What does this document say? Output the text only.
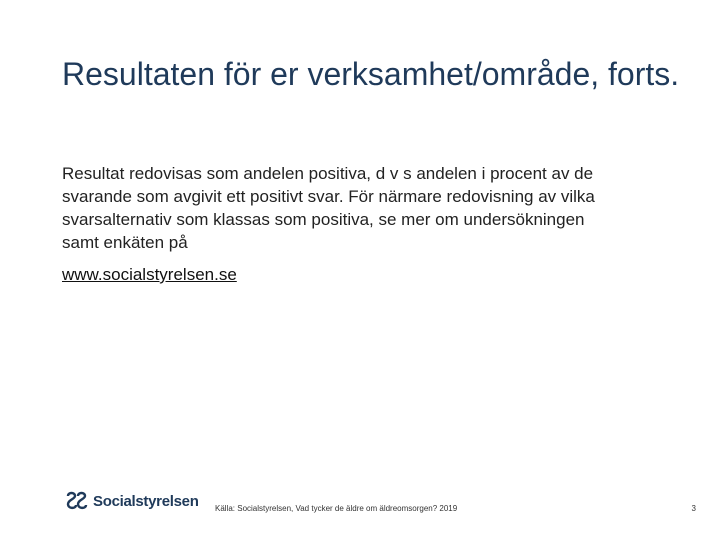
Resultaten för er verksamhet/område, forts.
Resultat redovisas som andelen positiva, d v s andelen i procent av de svarande som avgivit ett positivt svar. För närmare redovisning av vilka svarsalternativ som klassas som positiva, se mer om undersökningen samt enkäten på
www.socialstyrelsen.se
Socialstyrelsen Källa: Socialstyrelsen, Vad tycker de äldre om äldreomsorgen? 2019	3
